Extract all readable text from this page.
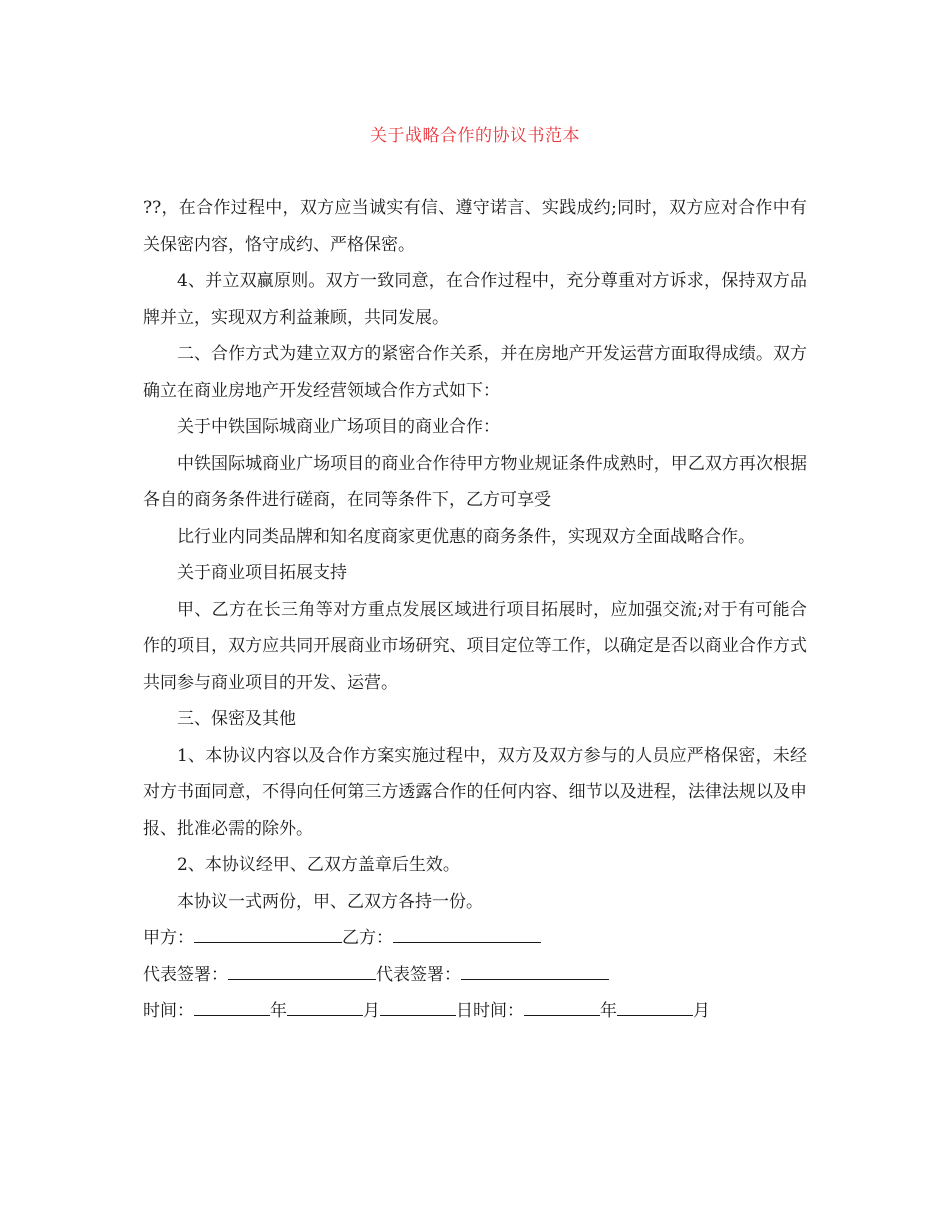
关于战略合作的协议书范本

??，在合作过程中，双方应当诚实有信、遵守诺言、实践成约;同时，双方应对合作中有关保密内容，恪守成约、严格保密。

4、并立双赢原则。双方一致同意，在合作过程中，充分尊重对方诉求，保持双方品牌并立，实现双方利益兼顾，共同发展。

二、合作方式为建立双方的紧密合作关系，并在房地产开发运营方面取得成绩。双方确立在商业房地产开发经营领域合作方式如下：

关于中铁国际城商业广场项目的商业合作：

中铁国际城商业广场项目的商业合作待甲方物业规证条件成熟时，甲乙双方再次根据各自的商务条件进行磋商，在同等条件下，乙方可享受

比行业内同类品牌和知名度商家更优惠的商务条件，实现双方全面战略合作。

关于商业项目拓展支持

甲、乙方在长三角等对方重点发展区域进行项目拓展时，应加强交流;对于有可能合作的项目，双方应共同开展商业市场研究、项目定位等工作，以确定是否以商业合作方式共同参与商业项目的开发、运营。

三、保密及其他

1、本协议内容以及合作方案实施过程中，双方及双方参与的人员应严格保密，未经对方书面同意，不得向任何第三方透露合作的任何内容、细节以及进程，法律法规以及申报、批准必需的除外。

2、本协议经甲、乙双方盖章后生效。

本协议一式两份，甲、乙双方各持一份。

甲方：	乙方：

代表签署：	代表签署：

时间：	年	月	日时间：	年	月
